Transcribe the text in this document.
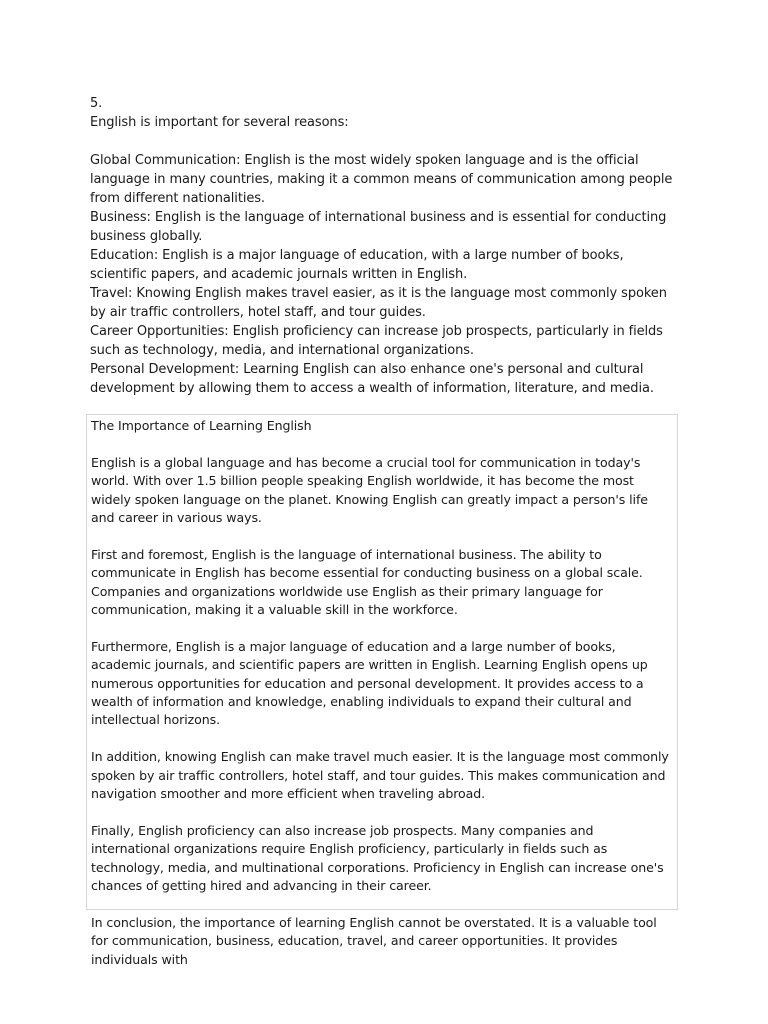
5.

English is important for several reasons:

Global Communication: English is the most widely spoken language and is the official language in many countries, making it a common means of communication among people from different nationalities.

Business: English is the language of international business and is essential for conducting business globally.

Education: English is a major language of education, with a large number of books, scientific papers, and academic journals written in English.

Travel: Knowing English makes travel easier, as it is the language most commonly spoken by air traffic controllers, hotel staff, and tour guides.

Career Opportunities: English proficiency can increase job prospects, particularly in fields such as technology, media, and international organizations.

Personal Development: Learning English can also enhance one's personal and cultural development by allowing them to access a wealth of information, literature, and media.

The Importance of Learning English

English is a global language and has become a crucial tool for communication in today's world. With over 1.5 billion people speaking English worldwide, it has become the most widely spoken language on the planet. Knowing English can greatly impact a person's life and career in various ways.

First and foremost, English is the language of international business. The ability to communicate in English has become essential for conducting business on a global scale. Companies and organizations worldwide use English as their primary language for communication, making it a valuable skill in the workforce.

Furthermore, English is a major language of education and a large number of books, academic journals, and scientific papers are written in English. Learning English opens up numerous opportunities for education and personal development. It provides access to a wealth of information and knowledge, enabling individuals to expand their cultural and intellectual horizons.

In addition, knowing English can make travel much easier. It is the language most commonly spoken by air traffic controllers, hotel staff, and tour guides. This makes communication and navigation smoother and more efficient when traveling abroad.

Finally, English proficiency can also increase job prospects. Many companies and international organizations require English proficiency, particularly in fields such as technology, media, and multinational corporations. Proficiency in English can increase one's chances of getting hired and advancing in their career.

In conclusion, the importance of learning English cannot be overstated. It is a valuable tool for communication, business, education, travel, and career opportunities. It provides individuals with
